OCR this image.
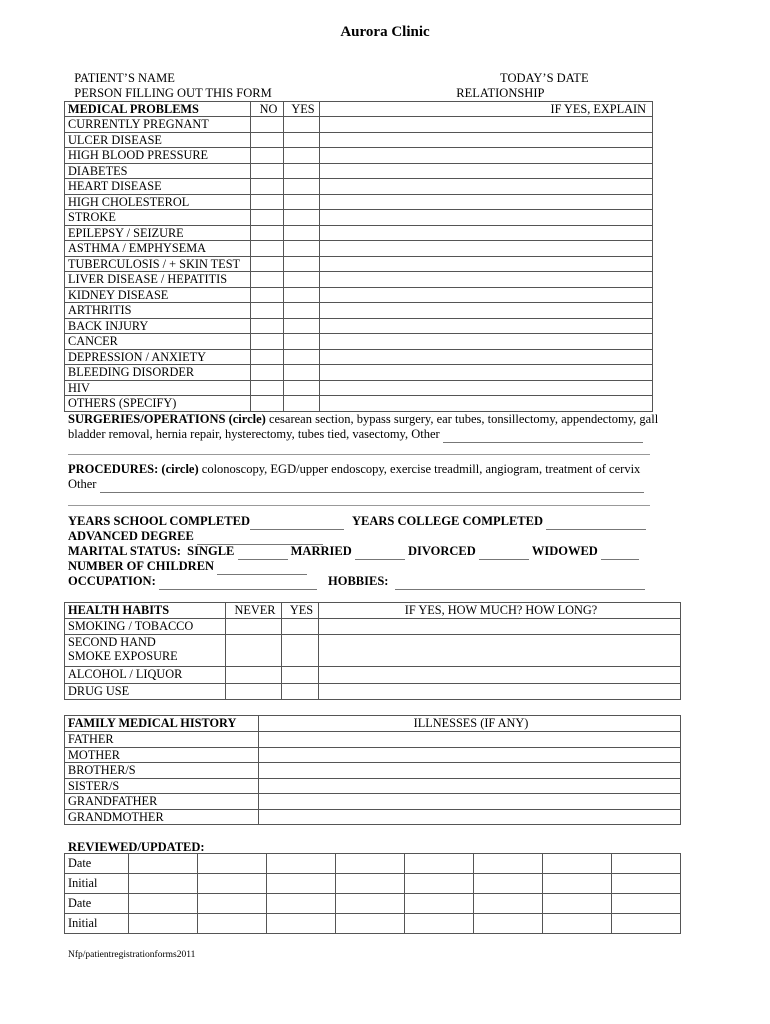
Aurora Clinic

PATIENT’S NAME
	TODAY’S DATE

PERSON FILLING OUT THIS FORM
	RELATIONSHIP

MEDICAL PROBLEMS	NO	YES	IF YES, EXPLAIN
CURRENTLY PREGNANT			
ULCER DISEASE			
HIGH BLOOD PRESSURE			
DIABETES			
HEART DISEASE			
HIGH CHOLESTEROL			
STROKE			
EPILEPSY / SEIZURE			
ASTHMA / EMPHYSEMA			
TUBERCULOSIS / + SKIN TEST			
LIVER DISEASE / HEPATITIS			
KIDNEY DISEASE			
ARTHRITIS			
BACK INJURY			
CANCER			
DEPRESSION / ANXIETY			
BLEEDING DISORDER			
HIV			
OTHERS (SPECIFY)			
SURGERIES/OPERATIONS (circle) cesarean section, bypass surgery, ear tubes, tonsillectomy, appendectomy, gall
bladder removal, hernia repair, hysterectomy, tubes tied, vasectomy, Other
PROCEDURES: (circle) colonoscopy, EGD/upper endoscopy, exercise treadmill, angiogram, treatment of cervix
Other
YEARS SCHOOL COMPLETED	YEARS COLLEGE COMPLETED
ADVANCED DEGREE
MARITAL STATUS: SINGLE	MARRIED	DIVORCED	WIDOWED
NUMBER OF CHILDREN
OCCUPATION:	HOBBIES:
HEALTH HABITS	NEVER	YES	IF YES, HOW MUCH? HOW LONG?
SMOKING / TOBACCO			
SECOND HAND
SMOKE EXPOSURE			
ALCOHOL / LIQUOR			
DRUG USE			
FAMILY MEDICAL HISTORY	ILLNESSES (IF ANY)
FATHER	
MOTHER	
BROTHER/S	
SISTER/S	
GRANDFATHER	
GRANDMOTHER	
REVIEWED/UPDATED:
Date								
Initial								
Date								
Initial								
Nfp/patientregistrationforms2011
